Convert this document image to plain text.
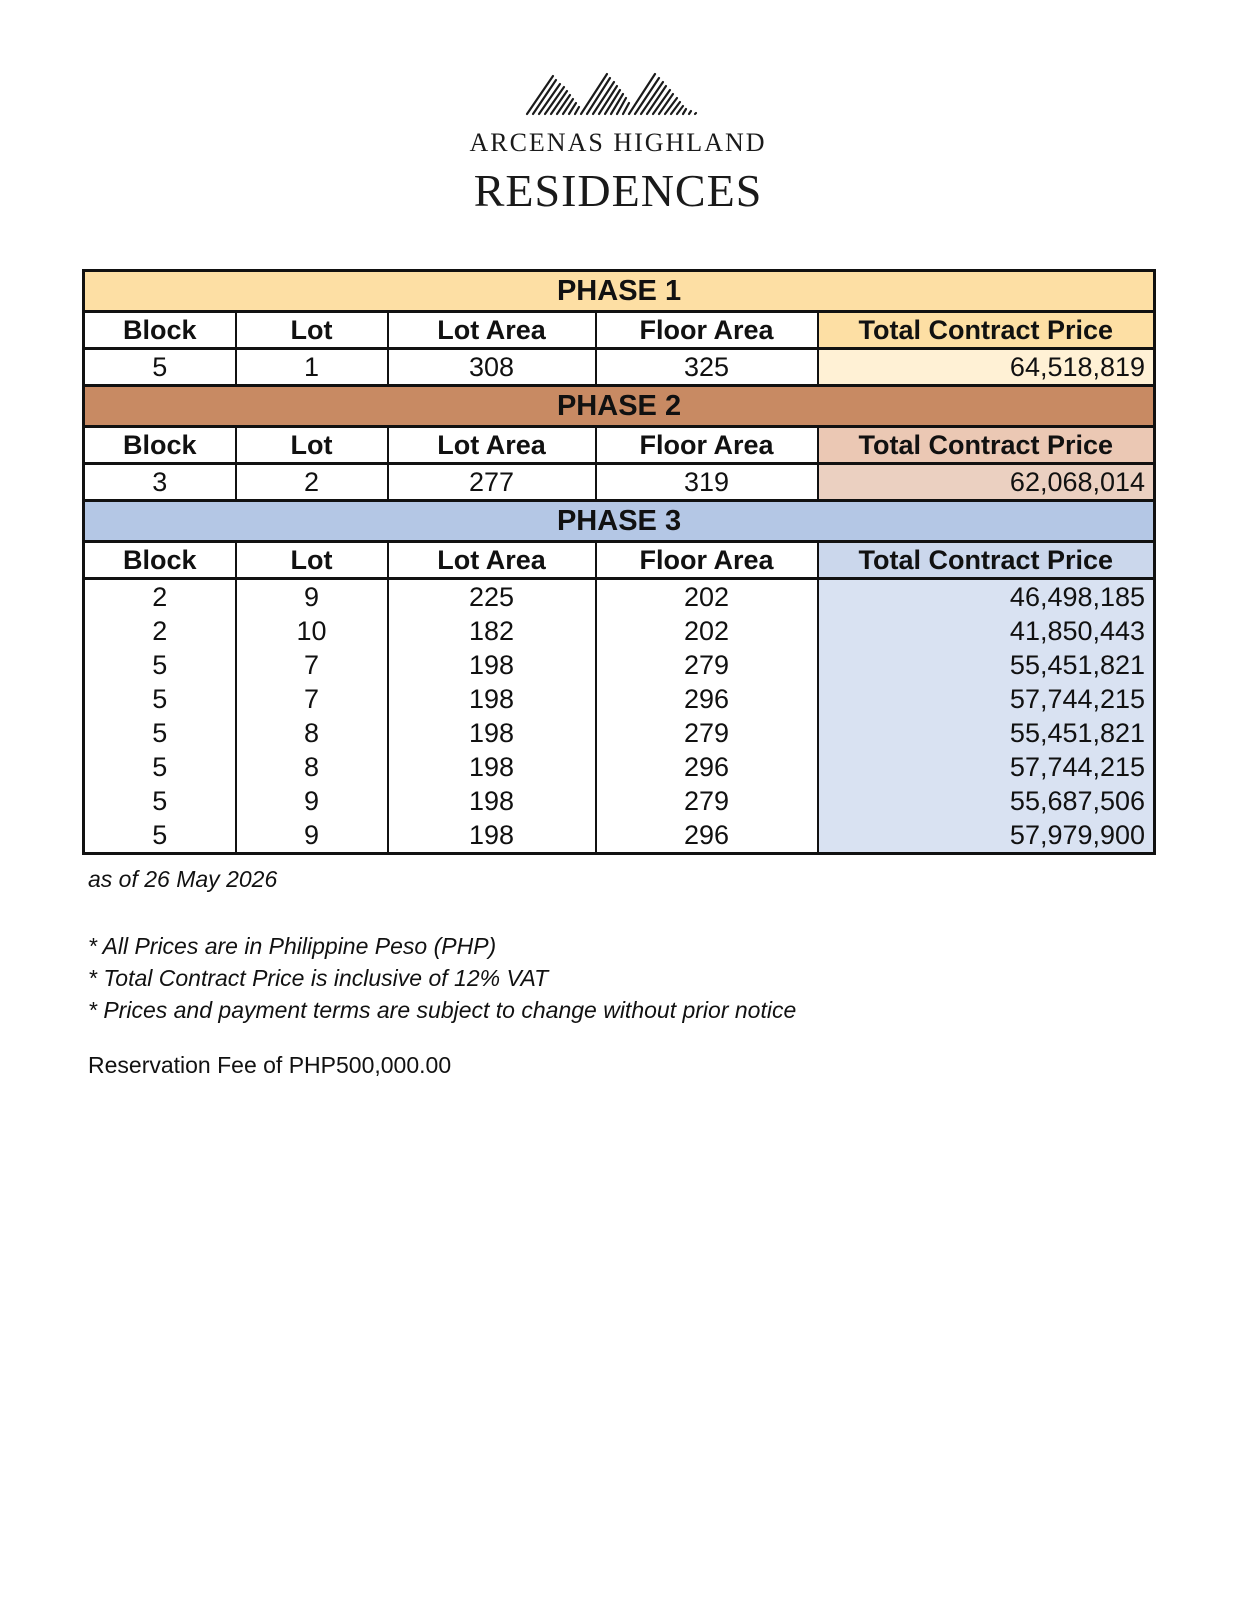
ARCENAS HIGHLAND
RESIDENCES
PHASE 1				
Block	Lot	Lot Area	Floor Area	Total Contract Price
5	1	308	325	64,518,819
PHASE 2				
Block	Lot	Lot Area	Floor Area	Total Contract Price
3	2	277	319	62,068,014
PHASE 3				
Block	Lot	Lot Area	Floor Area	Total Contract Price
2	9	225	202	46,498,185
2	10	182	202	41,850,443
5	7	198	279	55,451,821
5	7	198	296	57,744,215
5	8	198	279	55,451,821
5	8	198	296	57,744,215
5	9	198	279	55,687,506
5	9	198	296	57,979,900
as of 26 May 2026
* All Prices are in Philippine Peso (PHP)
* Total Contract Price is inclusive of 12% VAT
* Prices and payment terms are subject to change without prior notice
Reservation Fee of PHP500,000.00
